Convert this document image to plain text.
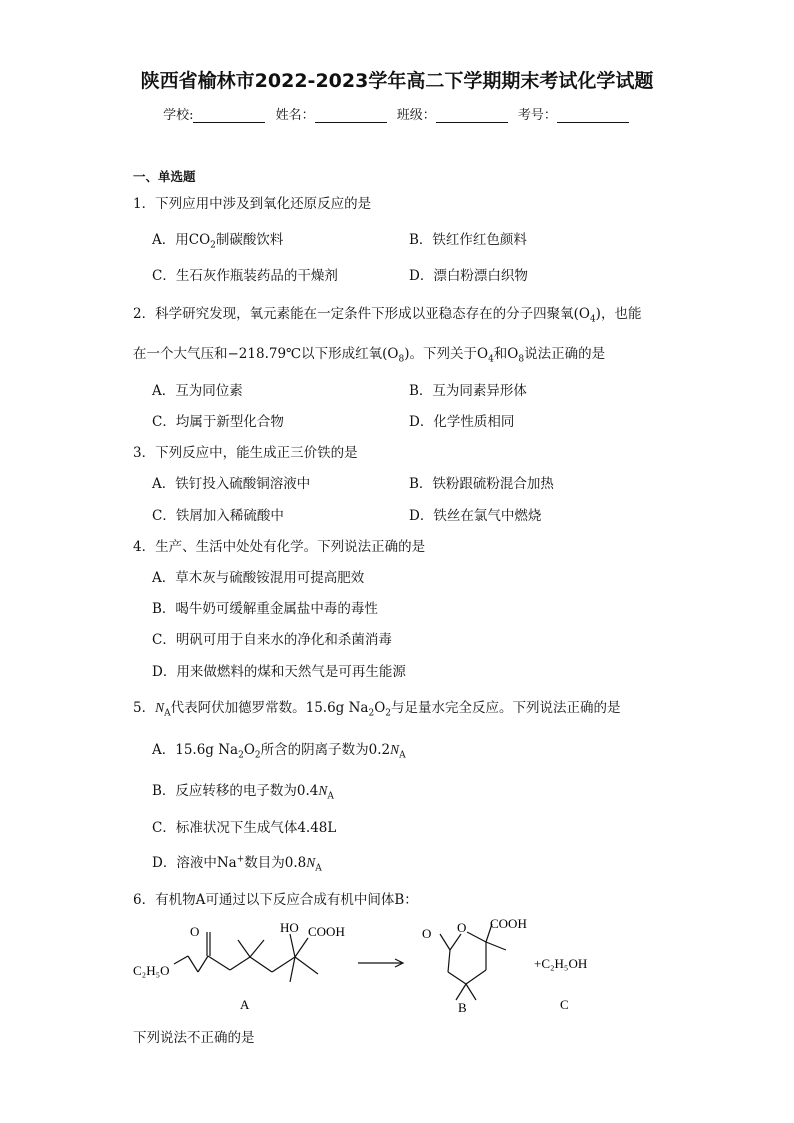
陕西省榆林市2022-2023学年高二下学期期末考试化学试题
学校:	姓名：	班级：	考号：
一、单选题
1．下列应用中涉及到氧化还原反应的是
A．用$CO_2$制碳酸饮料	B．铁红作红色颜料
C．生石灰作瓶装药品的干燥剂	D．漂白粉漂白织物
2．科学研究发现，氧元素能在一定条件下形成以亚稳态存在的分子四聚氧$(O_4)$，也能
在一个大气压和−218.79℃以下形成红氧$(O_8)$。下列关于$O_4$和$O_8$说法正确的是
A．互为同位素	B．互为同素异形体
C．均属于新型化合物	D．化学性质相同
3．下列反应中，能生成正三价铁的是
A．铁钉投入硫酸铜溶液中	B．铁粉跟硫粉混合加热
C．铁屑加入稀硫酸中	D．铁丝在氯气中燃烧
4．生产、生活中处处有化学。下列说法正确的是
A．草木灰与硫酸铵混用可提高肥效
B．喝牛奶可缓解重金属盐中毒的毒性
C．明矾可用于自来水的净化和杀菌消毒
D．用来做燃料的煤和天然气是可再生能源
5．$N_A$代表阿伏加德罗常数。15.6g $Na_2O_2$与足量水完全反应。下列说法正确的是
A．15.6g $Na_2O_2$所含的阴离子数为$0.2N_A$
B．反应转移的电子数为$0.4N_A$
C．标准状况下生成气体4.48L
D．溶液中Na+数目为$0.8N_A$
6．有机物A可通过以下反应合成有机中间体B：
O
C₂H₅O
HO COOH
A
O O COOH
B
+C₂H₅OH
C
下列说法不正确的是
